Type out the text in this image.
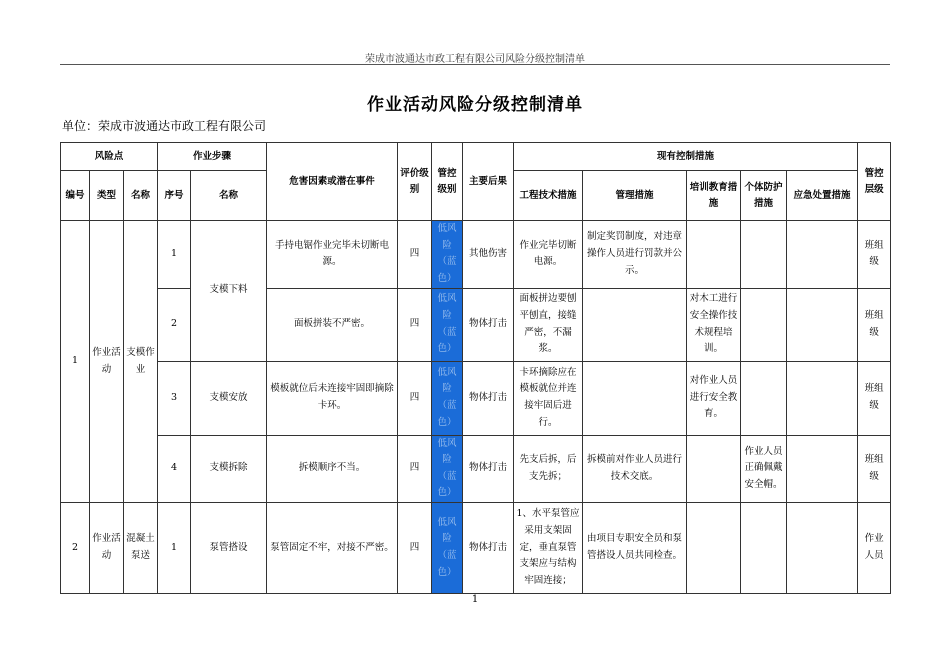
荣成市波通达市政工程有限公司风险分级控制清单
作业活动风险分级控制清单
单位：荣成市波通达市政工程有限公司
风险点			作业步骤		危害因素或潜在事件	评价级别	管控级别	主要后果	现有控制措施					管控层级
编号	类型	名称	序号	名称					工程技术措施	管理措施	培训教育措施	个体防护措施	应急处置措施	
1	作业活动	支模作业	1	支模下料	手持电锯作业完毕未切断电源。	四	低风险（蓝色）	其他伤害	作业完毕切断电源。	制定奖罚制度，对违章操作人员进行罚款并公示。				班组级
			2		面板拼装不严密。	四	低风险（蓝色）	物体打击	面板拼边要刨平刨直，接缝严密，不漏浆。		对木工进行安全操作技术规程培训。			班组级
			3	支模安放	模板就位后未连接牢固即摘除卡环。	四	低风险（蓝色）	物体打击	卡环摘除应在模板就位并连接牢固后进行。		对作业人员进行安全教育。			班组级
			4	支模拆除	拆模顺序不当。	四	低风险（蓝色）	物体打击	先支后拆，后支先拆；	拆模前对作业人员进行技术交底。		作业人员正确佩戴安全帽。		班组级
2	作业活动	混凝土泵送	1	泵管搭设	泵管固定不牢，对接不严密。	四	低风险（蓝色）	物体打击	1、水平泵管应采用支架固定，垂直泵管支架应与结构牢固连接；	由项目专职安全员和泵管搭设人员共同检查。				作业人员
1
